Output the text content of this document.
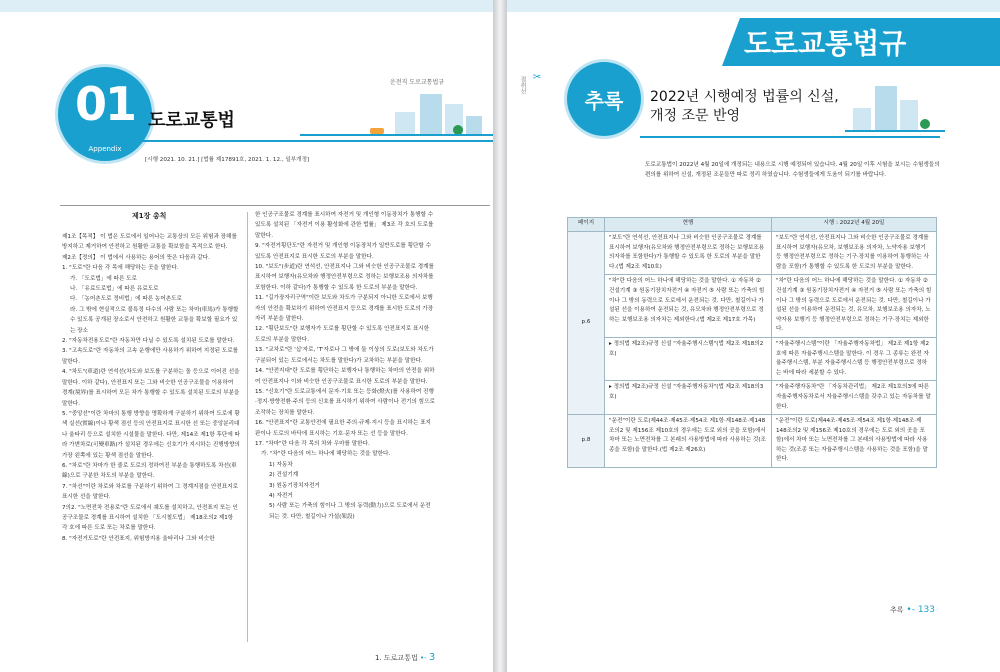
운전직 도로교통법규
01
Appendix
도로교통법
[시행 2021. 10. 21.] [법률 제17891호, 2021. 1. 12., 일부개정]
제1장 총칙

제1조【목적】 이 법은 도로에서 일어나는 교통상의 모든 위험과 장해를 방지하고 제거하여 안전하고 원활한 교통을 확보함을 목적으로 한다.

제2조【정의】 이 법에서 사용하는 용어의 뜻은 다음과 같다.

1. "도로"란 다음 각 목에 해당하는 곳을 말한다.

가. 「도로법」에 따른 도로

나. 「유료도로법」에 따른 유료도로

다. 「농어촌도로 정비법」에 따른 농어촌도로

라. 그 밖에 현실적으로 불특정 다수의 사람 또는 차마(車馬)가 통행할 수 있도록 공개된 장소로서 안전하고 원활한 교통을 확보할 필요가 있는 장소

2. "자동차전용도로"란 자동차만 다닐 수 있도록 설치된 도로를 말한다.

3. "고속도로"란 자동차의 고속 운행에만 사용하기 위하여 지정된 도로를 말한다.

4. "차도"(車道)란 연석선(차도와 보도를 구분하는 돌 등으로 이어진 선을 말한다. 이하 같다), 안전표지 또는 그와 비슷한 인공구조물을 이용하여 경계(境界)를 표시하여 모든 차가 통행할 수 있도록 설치된 도로의 부분을 말한다.

5. "중앙선"이란 차마의 통행 방향을 명확하게 구분하기 위하여 도로에 황색 실선(實線)이나 황색 점선 등의 안전표지로 표시한 선 또는 중앙분리대나 울타리 등으로 설치한 시설물을 말한다. 다만, 제14조 제1항 후단에 따라 가변차로(可變車路)가 설치된 경우에는 신호기가 지시하는 진행방향의 가장 왼쪽에 있는 황색 점선을 말한다.

6. "차로"란 차마가 한 줄로 도로의 정하여진 부분을 통행하도록 차선(車線)으로 구분한 차도의 부분을 말한다.

7. "차선"이란 차로와 차로를 구분하기 위하여 그 경계지점을 안전표지로 표시한 선을 말한다.

7의2. "노면전차 전용로"란 도로에서 궤도를 설치하고, 안전표지 또는 인공구조물로 경계를 표시하여 설치한 「도시철도법」 제18조의2 제1항 각 호에 따른 도로 또는 차로를 말한다.

8. "자전거도로"란 안전표지, 위험방지용 울타리나 그와 비슷한

한 인공구조물로 경계를 표시하여 자전거 및 개인형 이동장치가 통행할 수 있도록 설치된 「자전거 이용 활성화에 관한 법률」 제3조 각 호의 도로를 말한다.

9. "자전거횡단도"란 자전거 및 개인형 이동장치가 일반도로를 횡단할 수 있도록 안전표지로 표시한 도로의 부분을 말한다.

10. "보도"(步道)란 연석선, 안전표지나 그와 비슷한 인공구조물로 경계를 표시하여 보행자(유모차와 행정안전부령으로 정하는 보행보조용 의자차를 포함한다. 이하 같다)가 통행할 수 있도록 한 도로의 부분을 말한다.

11. "길가장자리구역"이란 보도와 차도가 구분되지 아니한 도로에서 보행자의 안전을 확보하기 위하여 안전표지 등으로 경계를 표시한 도로의 가장자리 부분을 말한다.

12. "횡단보도"란 보행자가 도로를 횡단할 수 있도록 안전표지로 표시한 도로의 부분을 말한다.

13. "교차로"란 '십'자로, 'T'자로나 그 밖에 둘 이상의 도로(보도와 차도가 구분되어 있는 도로에서는 차도를 말한다)가 교차하는 부분을 말한다.

14. "안전지대"란 도로를 횡단하는 보행자나 통행하는 차마의 안전을 위하여 안전표지나 이와 비슷한 인공구조물로 표시한 도로의 부분을 말한다.

15. "신호기"란 도로교통에서 문자·기호 또는 등화(燈火)를 사용하여 진행·정지·방향전환·주의 등의 신호를 표시하기 위하여 사람이나 전기의 힘으로 조작하는 장치를 말한다.

16. "안전표지"란 교통안전에 필요한 주의·규제·지시 등을 표시하는 표지판이나 도로의 바닥에 표시하는 기호·문자 또는 선 등을 말한다.

17. "차마"란 다음 각 목의 차와 우마를 말한다.

가. "차"란 다음의 어느 하나에 해당하는 것을 말한다.

1) 자동차

2) 건설기계

3) 원동기장치자전거

4) 자전거

5) 사람 또는 가축의 힘이나 그 밖의 동력(動力)으로 도로에서 운전되는 것. 다만, 철길이나 가설(架設)

1. 도로교통법 •- 3
절취선 ✂
도로교통법규
추록	2022년 시행예정 법률의 신설,
개정 조문 반영
도로교통법이 2022년 4월 20일에 개정되는 내용으로 시행 예정되어 있습니다. 4월 20일 이후 시험을 보시는 수험생들의 편의를 위하여 신설, 개정된 조문들만 따로 정리 하였습니다. 수험생들에게 도움이 되기를 바랍니다.
페이지	현행	시행 : 2022년 4월 20일
p.6	"보도"란 연석선, 안전표지나 그와 비슷한 인공구조물로 경계를 표시하여 보행자(유모차와 행정안전부령으로 정하는 보행보조용 의자차를 포함한다)가 통행할 수 있도록 한 도로의 부분을 말한다.(법 제2조 제10호)	"보도"란 연석선, 안전표지나 그와 비슷한 인공구조물로 경계를 표시하여 보행자(유모차, 보행보조용 의자차, 노약자용 보행기 등 행정안전부령으로 정하는 기구·장치를 이용하여 통행하는 사람을 포함)가 통행할 수 있도록 한 도로의 부분을 말한다.
	"차"란 다음의 어느 하나에 해당하는 것을 말한다. ① 자동차 ② 건설기계 ③ 원동기장치자전거 ④ 자전거 ⑤ 사람 또는 가축의 힘이나 그 밖의 동력으로 도로에서 운전되는 것. 다만, 철길이나 가설된 선을 이용하여 운전되는 것, 유모차와 행정안전부령으로 정하는 보행보조용 의자차는 제외한다.(법 제2조 제17호 가목)	"차"란 다음의 어느 하나에 해당하는 것을 말한다. ① 자동차 ② 건설기계 ③ 원동기장치자전거 ④ 자전거 ⑤ 사람 또는 가축의 힘이나 그 밖의 동력으로 도로에서 운전되는 것. 다만, 철길이나 가설된 선을 이용하여 운전되는 것, 유모차, 보행보조용 의자차, 노약자용 보행기 등 행정안전부령으로 정하는 기구·장치는 제외한다.
	▸ 정의법 제2조)규정 신설 "자율주행시스템"(법 제2조 제18의2호)	"자율주행시스템"이란 「자율주행자동차법」 제2조 제1항 제2호에 따른 자율주행시스템을 말한다. 이 경우 그 종류는 완전 자율주행시스템, 부분 자율주행시스템 등 행정안전부령으로 정하는 바에 따라 세분할 수 있다.
	▸ 정의법 제2조)규정 신설 "자율주행자동차"(법 제2조 제18의3호)	"자율주행자동차"란 「자동차관리법」 제2조 제1호의3에 따른 자율주행자동차로서 자율주행시스템을 갖추고 있는 자동차를 말한다.
p.8	"운전"이란 도로(제44조·제45조·제54조 제1항·제148조·제148조의2 및 제156조 제10호의 경우에는 도로 외의 곳을 포함)에서 차마 또는 노면전차를 그 본래의 사용방법에 따라 사용하는 것(조종을 포함)을 말한다.(법 제2조 제26호)	"운전"이란 도로(제44조·제45조·제54조 제1항·제148조·제148조의2 및 제156조 제10호의 경우에는 도로 외의 곳을 포함)에서 차마 또는 노면전차를 그 본래의 사용방법에 따라 사용하는 것(조종 또는 자율주행시스템을 사용하는 것을 포함)을 말한다.
추록 •- 133
